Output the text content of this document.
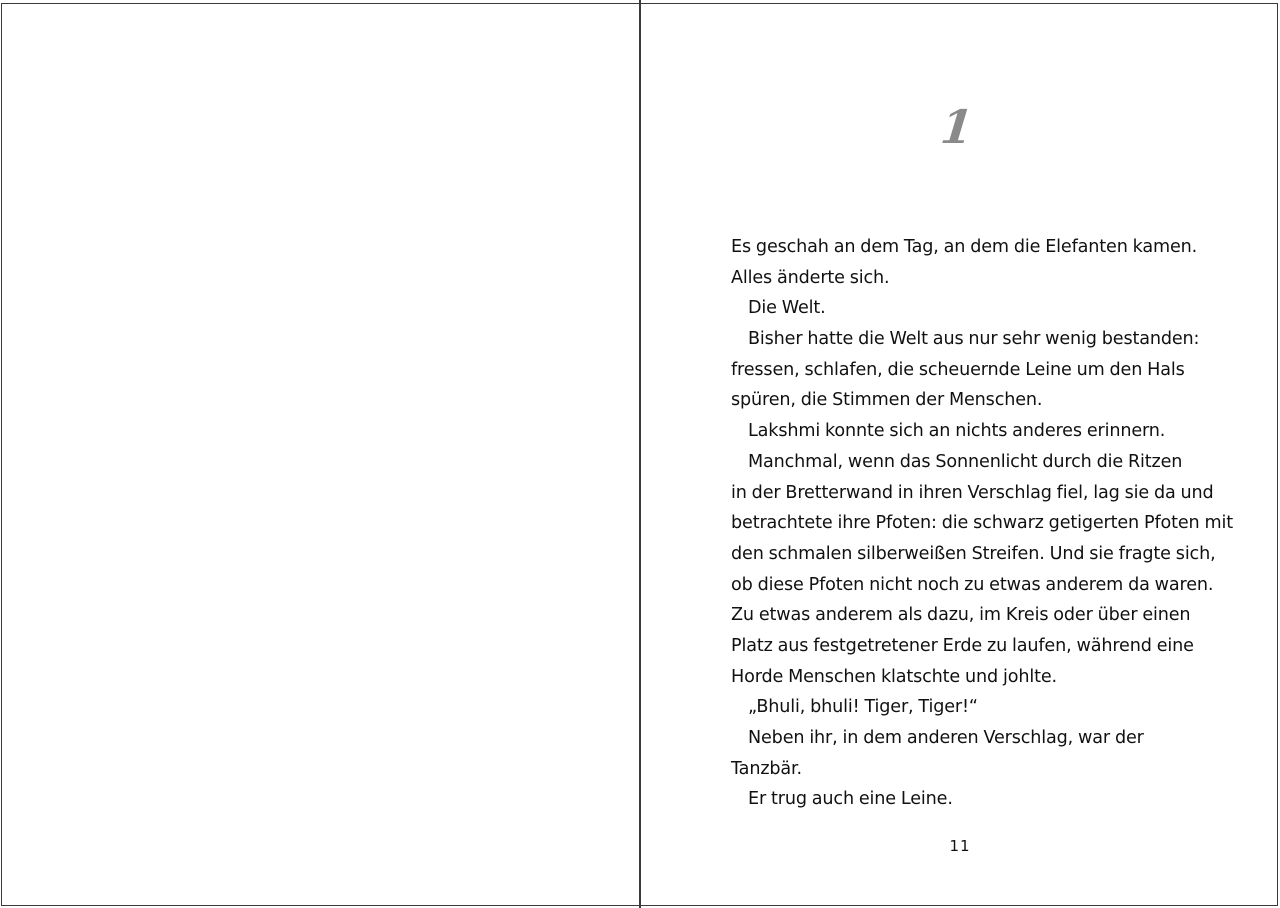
1
Es geschah an dem Tag, an dem die Elefanten kamen.
Alles änderte sich.
Die Welt.
Bisher hatte die Welt aus nur sehr wenig bestanden:
fressen, schlafen, die scheuernde Leine um den Hals
spüren, die Stimmen der Menschen.
Lakshmi konnte sich an nichts anderes erinnern.
Manchmal, wenn das Sonnenlicht durch die Ritzen
in der Bretterwand in ihren Verschlag fiel, lag sie da und
betrachtete ihre Pfoten: die schwarz getigerten Pfoten mit
den schmalen silberweißen Streifen. Und sie fragte sich,
ob diese Pfoten nicht noch zu etwas anderem da waren.
Zu etwas anderem als dazu, im Kreis oder über einen
Platz aus festgetretener Erde zu laufen, während eine
Horde Menschen klatschte und johlte.
„Bhuli, bhuli! Tiger, Tiger!“
Neben ihr, in dem anderen Verschlag, war der
Tanzbär.
Er trug auch eine Leine.
11
